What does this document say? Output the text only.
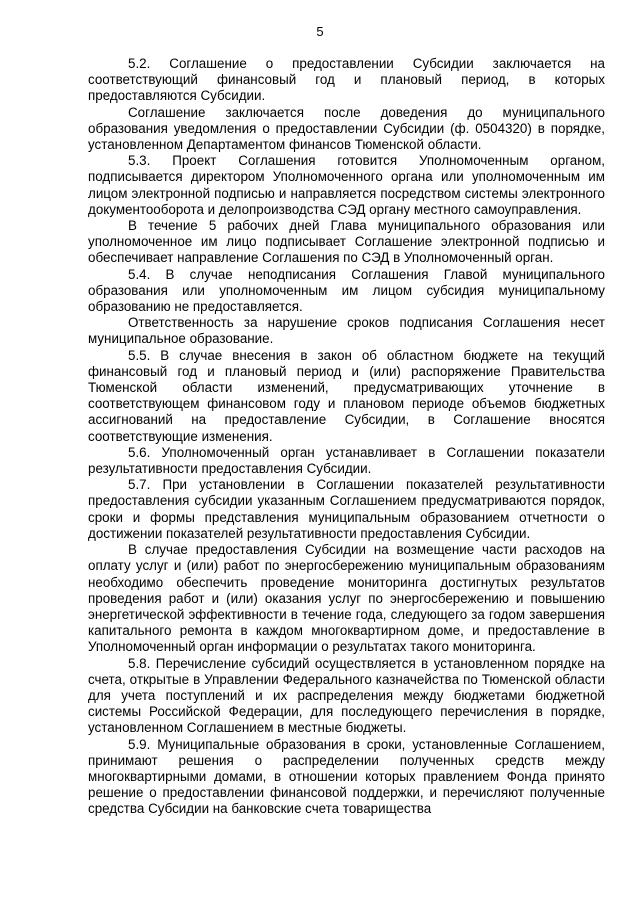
5

5.2. Соглашение о предоставлении Субсидии заключается на соответствующий финансовый год и плановый период, в которых предоставляются Субсидии.

Соглашение заключается после доведения до муниципального образования уведомления о предоставлении Субсидии (ф. 0504320) в порядке, установленном Департаментом финансов Тюменской области.

5.3. Проект Соглашения готовится Уполномоченным органом, подписывается директором Уполномоченного органа или уполномоченным им лицом электронной подписью и направляется посредством системы электронного документооборота и делопроизводства СЭД органу местного самоуправления.

В течение 5 рабочих дней Глава муниципального образования или уполномоченное им лицо подписывает Соглашение электронной подписью и обеспечивает направление Соглашения по СЭД в Уполномоченный орган.

5.4. В случае неподписания Соглашения Главой муниципального образования или уполномоченным им лицом субсидия муниципальному образованию не предоставляется.

Ответственность за нарушение сроков подписания Соглашения несет муниципальное образование.

5.5. В случае внесения в закон об областном бюджете на текущий финансовый год и плановый период и (или) распоряжение Правительства Тюменской области изменений, предусматривающих уточнение в соответствующем финансовом году и плановом периоде объемов бюджетных ассигнований на предоставление Субсидии, в Соглашение вносятся соответствующие изменения.

5.6. Уполномоченный орган устанавливает в Соглашении показатели результативности предоставления Субсидии.

5.7. При установлении в Соглашении показателей результативности предоставления субсидии указанным Соглашением предусматриваются порядок, сроки и формы представления муниципальным образованием отчетности о достижении показателей результативности предоставления Субсидии.

В случае предоставления Субсидии на возмещение части расходов на оплату услуг и (или) работ по энергосбережению муниципальным образованиям необходимо обеспечить проведение мониторинга достигнутых результатов проведения работ и (или) оказания услуг по энергосбережению и повышению энергетической эффективности в течение года, следующего за годом завершения капитального ремонта в каждом многоквартирном доме, и предоставление в Уполномоченный орган информации о результатах такого мониторинга.

5.8. Перечисление субсидий осуществляется в установленном порядке на счета, открытые в Управлении Федерального казначейства по Тюменской области для учета поступлений и их распределения между бюджетами бюджетной системы Российской Федерации, для последующего перечисления в порядке, установленном Соглашением в местные бюджеты.

5.9. Муниципальные образования в сроки, установленные Соглашением, принимают решения о распределении полученных средств между многоквартирными домами, в отношении которых правлением Фонда принято решение о предоставлении финансовой поддержки, и перечисляют полученные средства Субсидии на банковские счета товарищества
